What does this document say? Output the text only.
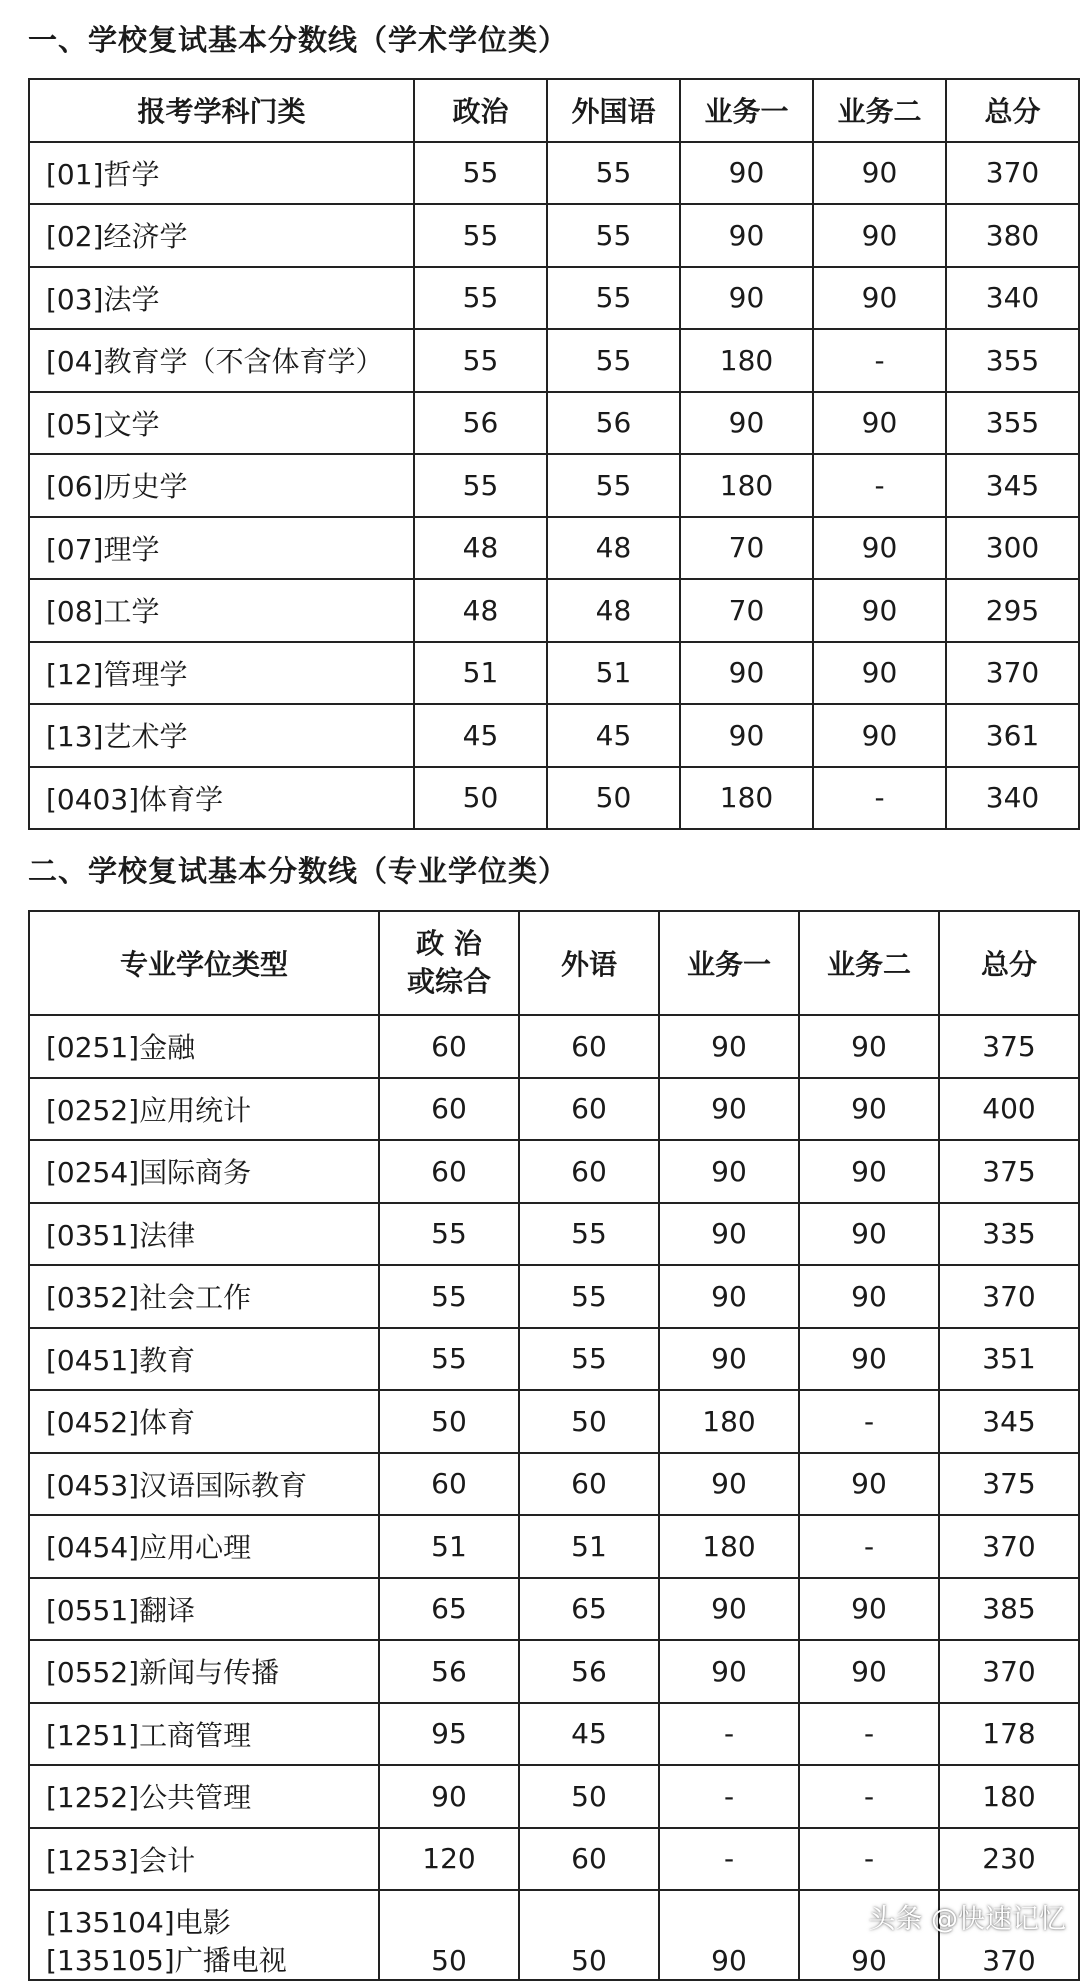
一、学校复试基本分数线（学术学位类）
报考学科门类	政治	外国语	业务一	业务二	总分
[01]哲学	55	55	90	90	370
[02]经济学	55	55	90	90	380
[03]法学	55	55	90	90	340
[04]教育学（不含体育学）	55	55	180	-	355
[05]文学	56	56	90	90	355
[06]历史学	55	55	180	-	345
[07]理学	48	48	70	90	300
[08]工学	48	48	70	90	295
[12]管理学	51	51	90	90	370
[13]艺术学	45	45	90	90	361
[0403]体育学	50	50	180	-	340
二、学校复试基本分数线（专业学位类）
专业学位类型	政 治
或综合	外语	业务一	业务二	总分
[0251]金融	60	60	90	90	375
[0252]应用统计	60	60	90	90	400
[0254]国际商务	60	60	90	90	375
[0351]法律	55	55	90	90	335
[0352]社会工作	55	55	90	90	370
[0451]教育	55	55	90	90	351
[0452]体育	50	50	180	-	345
[0453]汉语国际教育	60	60	90	90	375
[0454]应用心理	51	51	180	-	370
[0551]翻译	65	65	90	90	385
[0552]新闻与传播	56	56	90	90	370
[1251]工商管理	95	45	-	-	178
[1252]公共管理	90	50	-	-	180
[1253]会计	120	60	-	-	230

[135104]电影
[135105]广播电视	50	50	90	90	370
头条 @快速记忆
